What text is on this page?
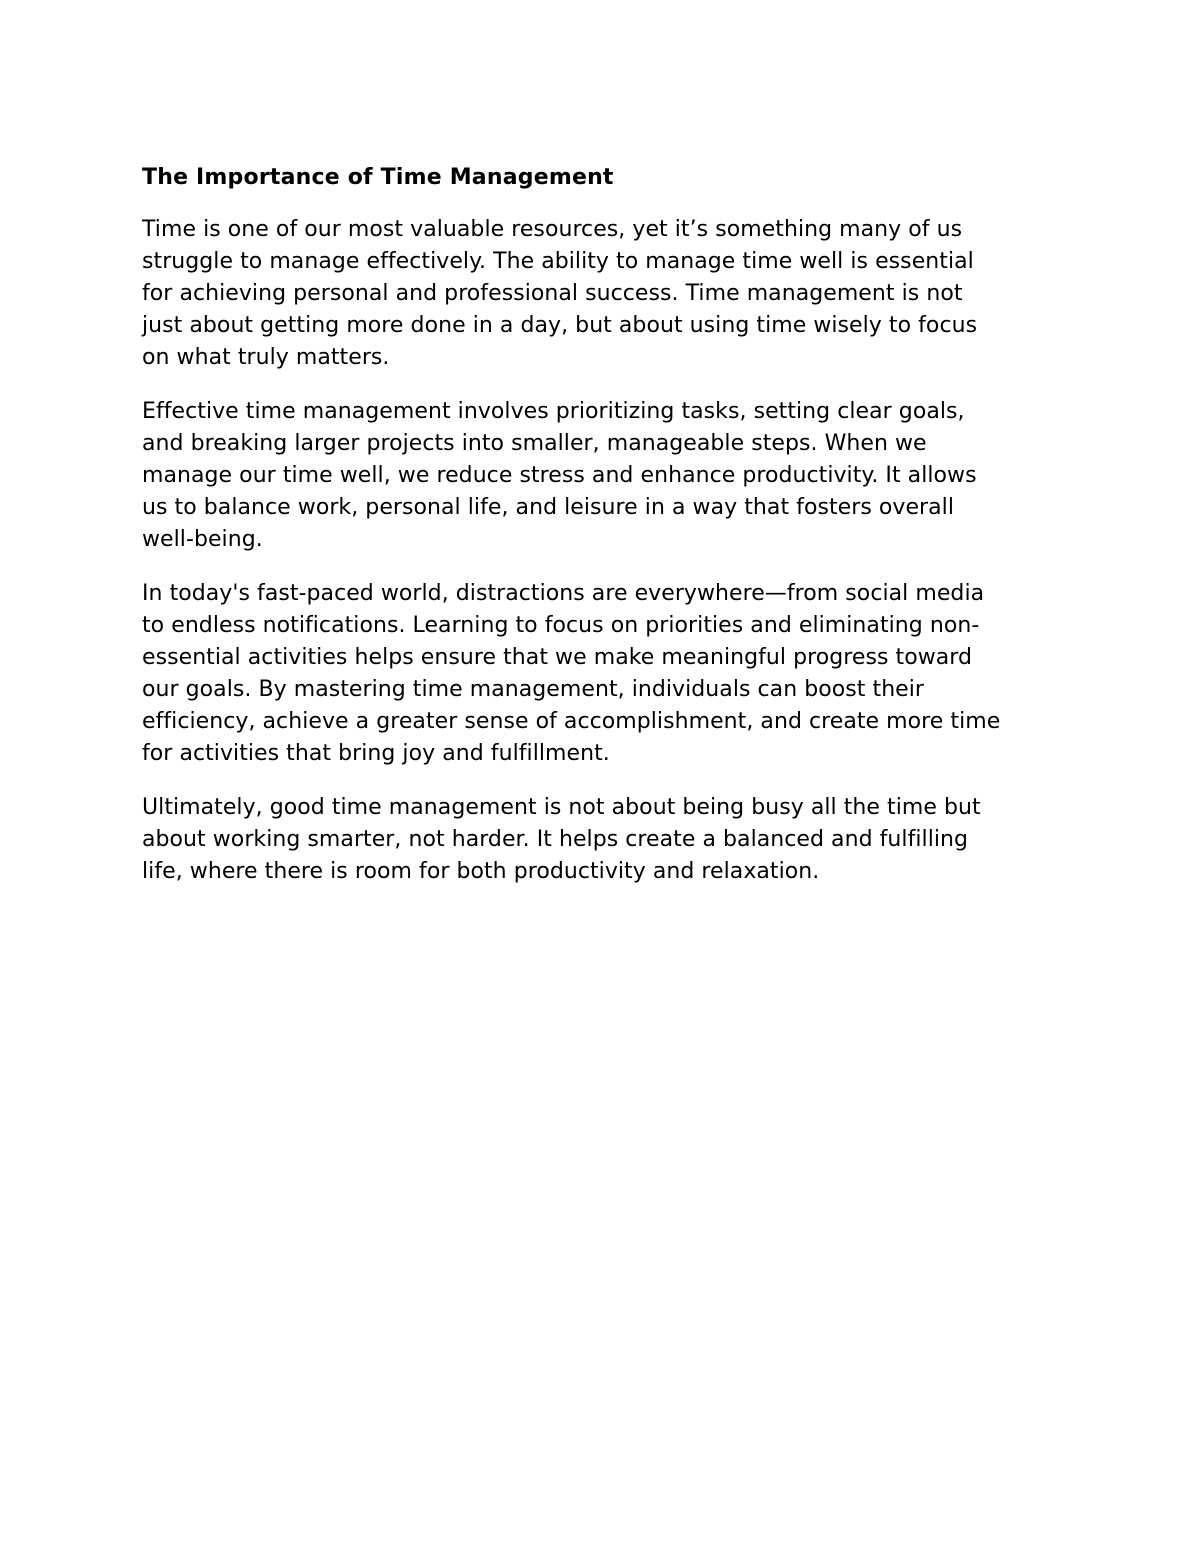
The Importance of Time Management
Time is one of our most valuable resources, yet it’s something many of us
struggle to manage effectively. The ability to manage time well is essential
for achieving personal and professional success. Time management is not
just about getting more done in a day, but about using time wisely to focus
on what truly matters.
Effective time management involves prioritizing tasks, setting clear goals,
and breaking larger projects into smaller, manageable steps. When we
manage our time well, we reduce stress and enhance productivity. It allows
us to balance work, personal life, and leisure in a way that fosters overall
well-being.
In today's fast-paced world, distractions are everywhere—from social media
to endless notifications. Learning to focus on priorities and eliminating non-
essential activities helps ensure that we make meaningful progress toward
our goals. By mastering time management, individuals can boost their
efficiency, achieve a greater sense of accomplishment, and create more time
for activities that bring joy and fulfillment.
Ultimately, good time management is not about being busy all the time but
about working smarter, not harder. It helps create a balanced and fulfilling
life, where there is room for both productivity and relaxation.
